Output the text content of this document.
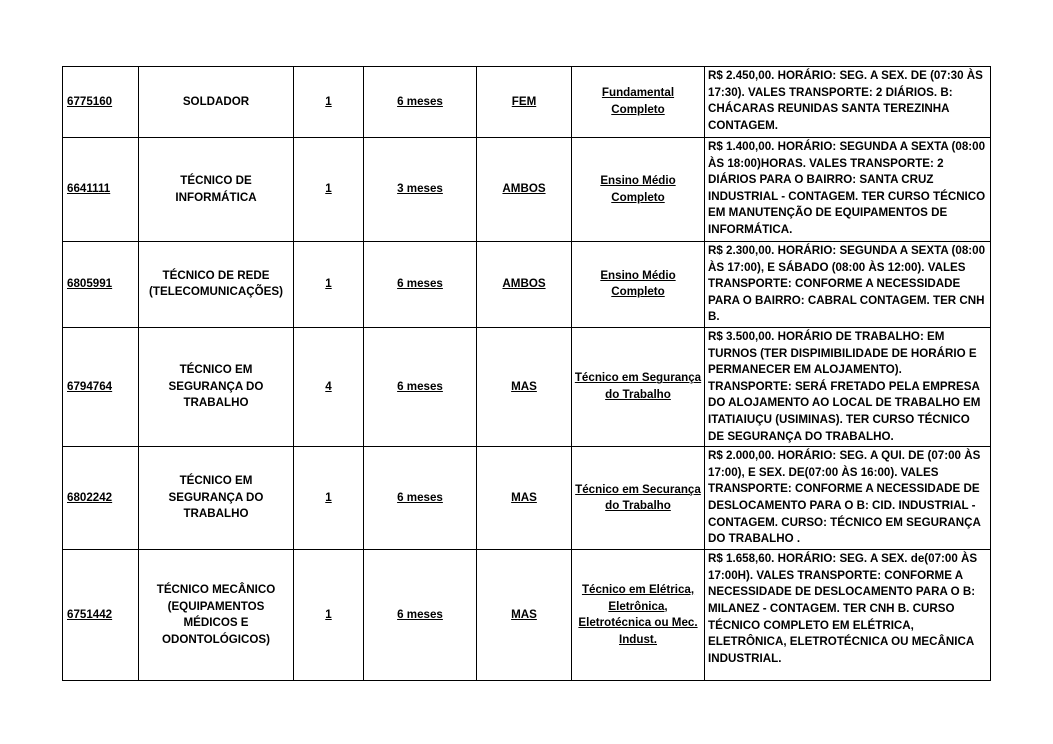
6775160	SOLDADOR	1	6 meses	FEM	Fundamental Completo	R$ 2.450,00. HORÁRIO: SEG. A SEX. DE (07:30 ÀS 17:30). VALES TRANSPORTE: 2 DIÁRIOS. B: CHÁCARAS REUNIDAS SANTA TEREZINHA CONTAGEM.
6641111	TÉCNICO DE INFORMÁTICA	1	3 meses	AMBOS	Ensino Médio Completo	R$ 1.400,00. HORÁRIO: SEGUNDA A SEXTA (08:00 ÀS 18:00)HORAS. VALES TRANSPORTE: 2 DIÁRIOS PARA O BAIRRO: SANTA CRUZ INDUSTRIAL - CONTAGEM. TER CURSO TÉCNICO EM MANUTENÇÃO DE EQUIPAMENTOS DE INFORMÁTICA.
6805991	TÉCNICO DE REDE (TELECOMUNICAÇÕES)	1	6 meses	AMBOS	Ensino Médio Completo	R$ 2.300,00. HORÁRIO: SEGUNDA A SEXTA (08:00 ÀS 17:00), E SÁBADO (08:00 ÀS 12:00). VALES TRANSPORTE: CONFORME A NECESSIDADE PARA O BAIRRO: CABRAL CONTAGEM. TER CNH B.
6794764	TÉCNICO EM SEGURANÇA DO TRABALHO	4	6 meses	MAS	Técnico em Segurança do Trabalho	R$ 3.500,00. HORÁRIO DE TRABALHO: EM TURNOS (TER DISPIMIBILIDADE DE HORÁRIO E PERMANECER EM ALOJAMENTO). TRANSPORTE: SERÁ FRETADO PELA EMPRESA DO ALOJAMENTO AO LOCAL DE TRABALHO EM ITATIAIUÇU (USIMINAS). TER CURSO TÉCNICO DE SEGURANÇA DO TRABALHO.
6802242	TÉCNICO EM SEGURANÇA DO TRABALHO	1	6 meses	MAS	Técnico em Securança do Trabalho	R$ 2.000,00. HORÁRIO: SEG. A QUI. DE (07:00 ÀS 17:00), E SEX. DE(07:00 ÀS 16:00). VALES TRANSPORTE: CONFORME A NECESSIDADE DE DESLOCAMENTO PARA O B: CID. INDUSTRIAL - CONTAGEM. CURSO: TÉCNICO EM SEGURANÇA DO TRABALHO .
6751442	TÉCNICO MECÂNICO (EQUIPAMENTOS MÉDICOS E ODONTOLÓGICOS)	1	6 meses	MAS	Técnico em Elétrica, Eletrônica, Eletrotécnica ou Mec. Indust.	R$ 1.658,60. HORÁRIO: SEG. A SEX. de(07:00 ÀS 17:00H). VALES TRANSPORTE: CONFORME A NECESSIDADE DE DESLOCAMENTO PARA O B: MILANEZ - CONTAGEM. TER CNH B. CURSO TÉCNICO COMPLETO EM ELÉTRICA, ELETRÔNICA, ELETROTÉCNICA OU MECÂNICA INDUSTRIAL.
